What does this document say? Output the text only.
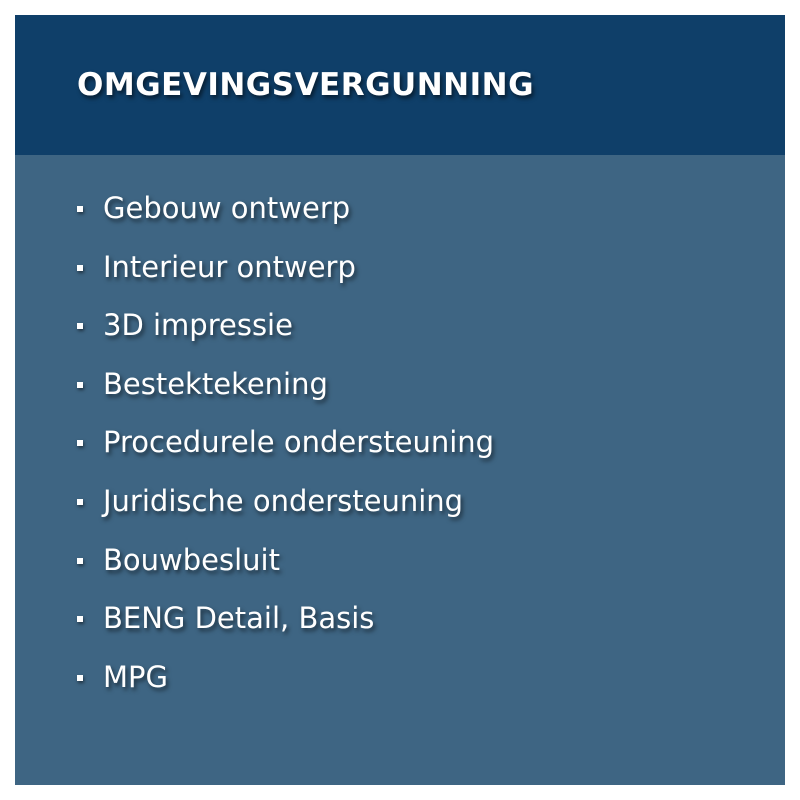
OMGEVINGSVERGUNNING
Gebouw ontwerp
Interieur ontwerp
3D impressie
Bestektekening
Procedurele ondersteuning
Juridische ondersteuning
Bouwbesluit
BENG Detail, Basis
MPG
